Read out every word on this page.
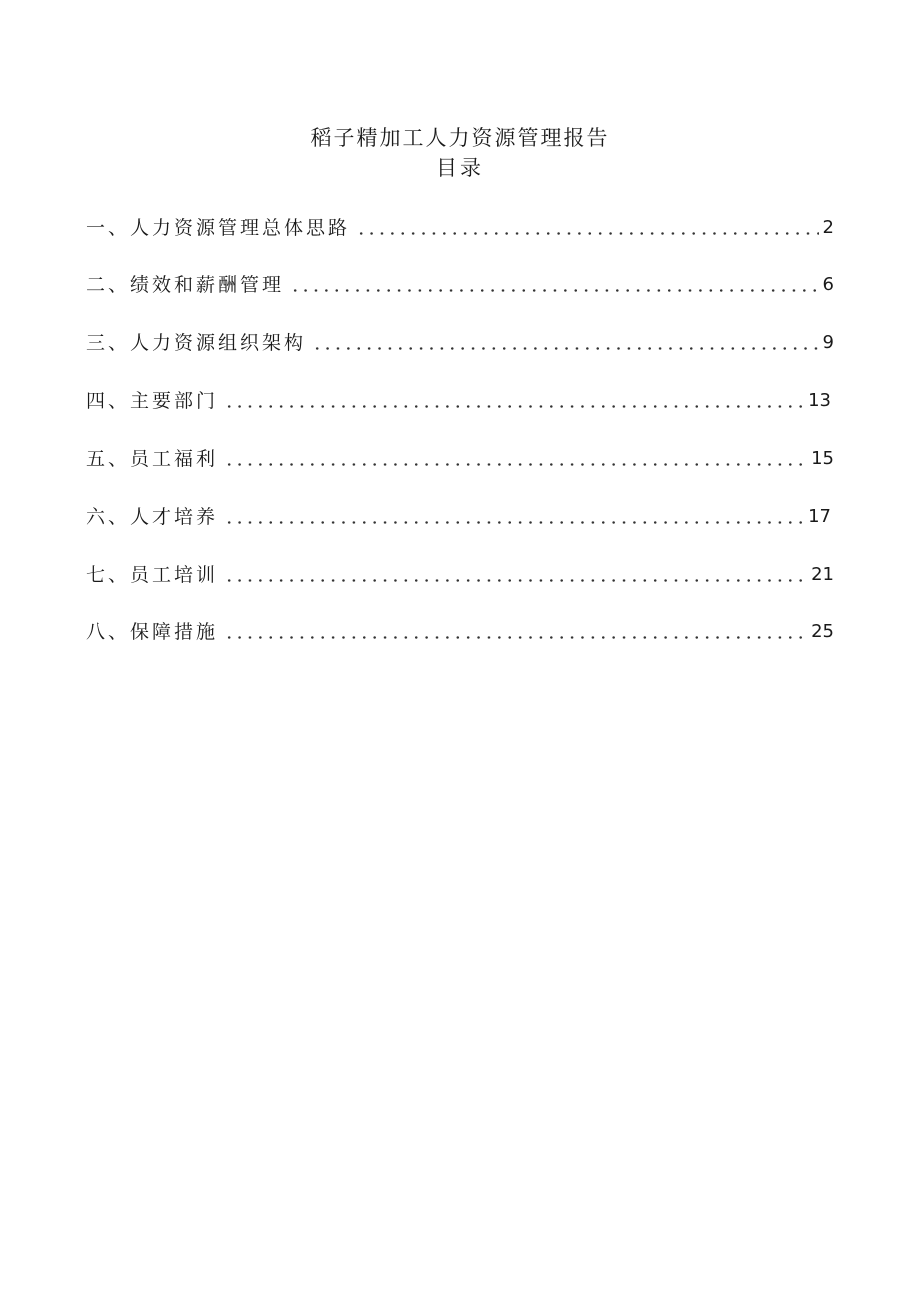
稻子精加工人力资源管理报告
目录
一、人力资源管理总体思路	2
二、绩效和薪酬管理	6
三、人力资源组织架构	9
四、主要部门	13
五、员工福利	15
六、人才培养	17
七、员工培训	21
八、保障措施	25
